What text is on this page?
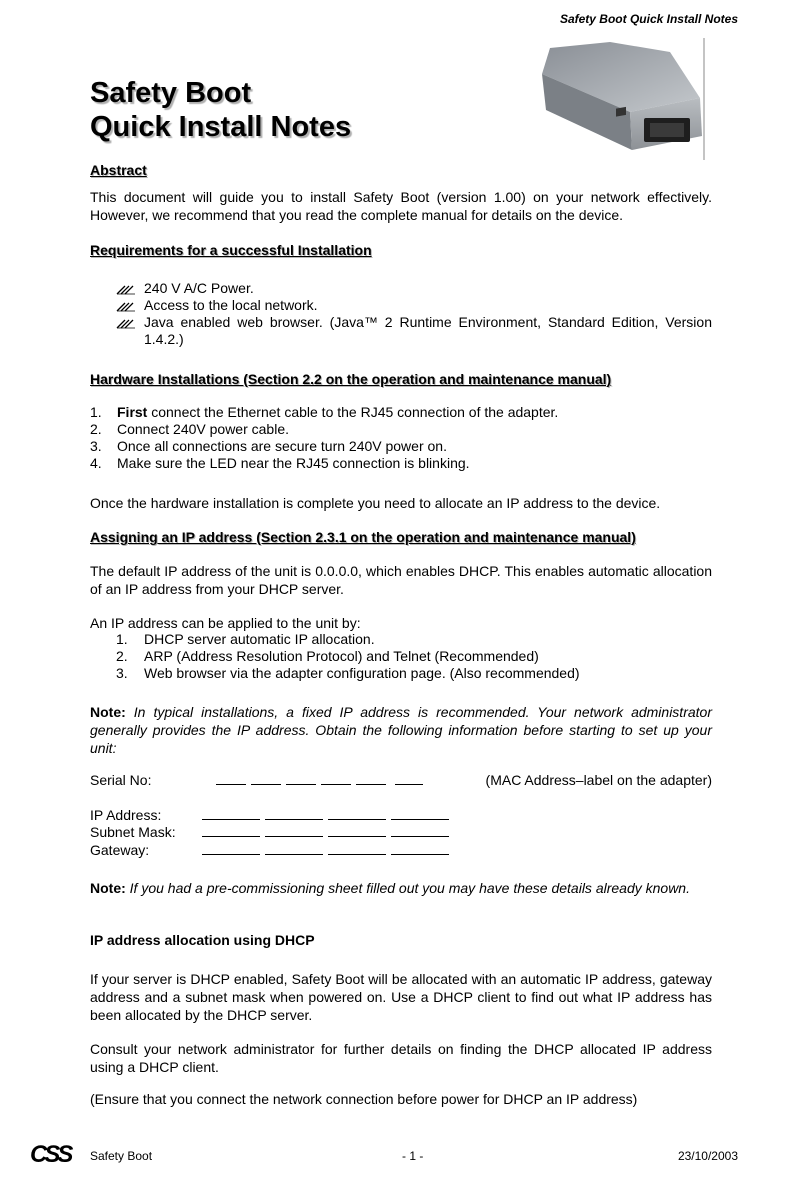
Safety Boot Quick Install Notes
Safety Boot
Quick Install Notes
Abstract

This document will guide you to install Safety Boot (version 1.00) on your network effectively. However, we recommend that you read the complete manual for details on the device.

Requirements for a successful Installation
240 V A/C Power.
Access to the local network.
Java enabled web browser. (Java™ 2 Runtime Environment, Standard Edition, Version 1.4.2.)
Hardware Installations (Section 2.2 on the operation and maintenance manual)
1. First connect the Ethernet cable to the RJ45 connection of the adapter.
2. Connect 240V power cable.
3. Once all connections are secure turn 240V power on.
4. Make sure the LED near the RJ45 connection is blinking.

Once the hardware installation is complete you need to allocate an IP address to the device.

Assigning an IP address (Section 2.3.1 on the operation and maintenance manual)

The default IP address of the unit is 0.0.0.0, which enables DHCP. This enables automatic allocation of an IP address from your DHCP server.

An IP address can be applied to the unit by:

1. DHCP server automatic IP allocation.
2. ARP (Address Resolution Protocol) and Telnet (Recommended)
3. Web browser via the adapter configuration page. (Also recommended)

Note: In typical installations, a fixed IP address is recommended. Your network administrator generally provides the IP address. Obtain the following information before starting to set up your unit:

Serial No:	(MAC Address–label on the adapter)
IP Address:
Subnet Mask:
Gateway:

Note: If you had a pre-commissioning sheet filled out you may have these details already known.

IP address allocation using DHCP

If your server is DHCP enabled, Safety Boot will be allocated with an automatic IP address, gateway address and a subnet mask when powered on. Use a DHCP client to find out what IP address has been allocated by the DHCP server.

Consult your network administrator for further details on finding the DHCP allocated IP address using a DHCP client.

(Ensure that you connect the network connection before power for DHCP an IP address)

CSS Safety Boot	- 1 -	23/10/2003
